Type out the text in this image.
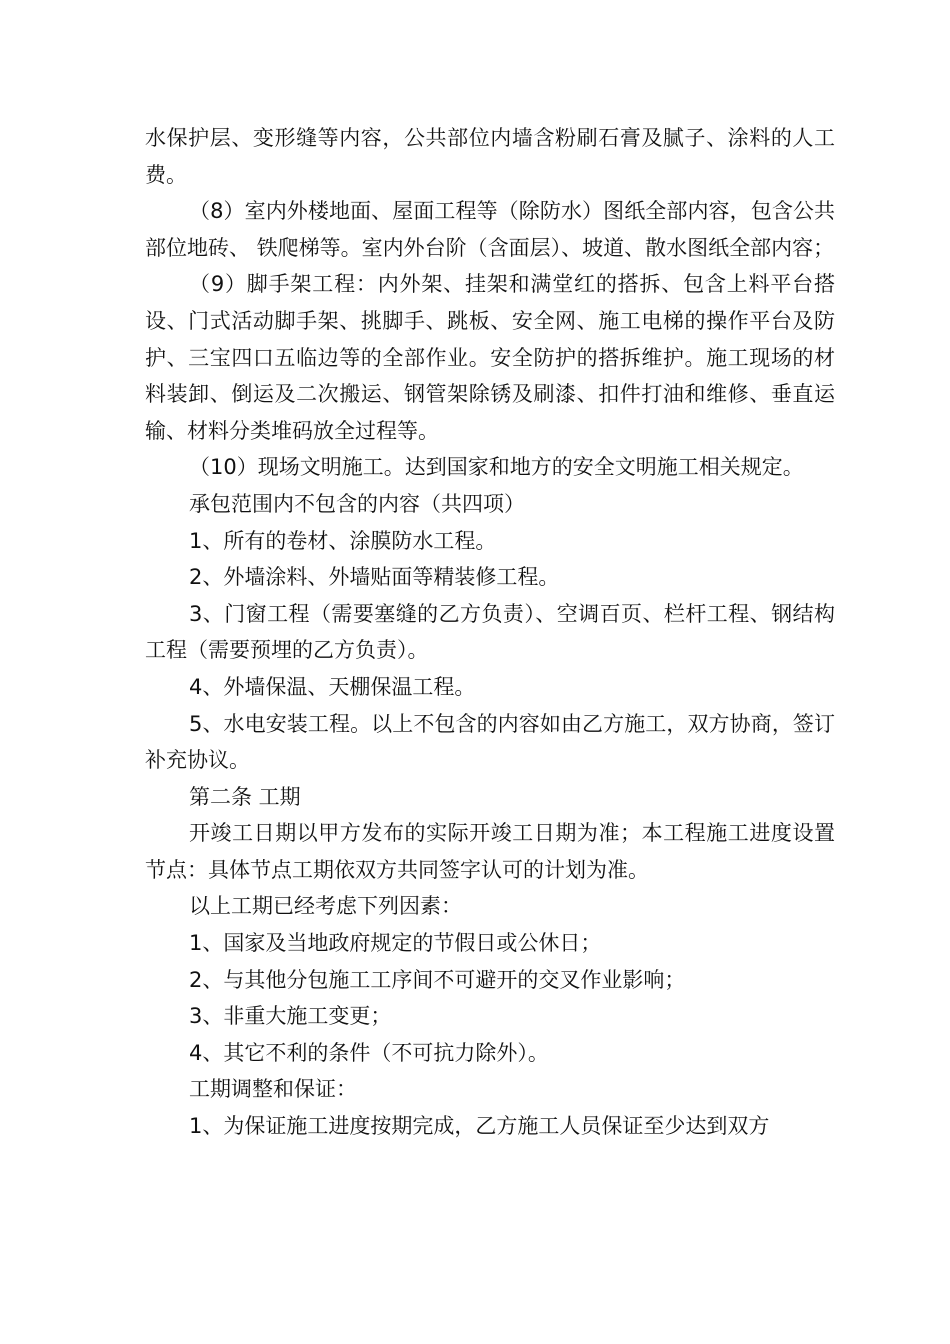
水保护层、变形缝等内容，公共部位内墙含粉刷石膏及腻子、涂料的人工费。

（8）室内外楼地面、屋面工程等（除防水）图纸全部内容，包含公共部位地砖、 铁爬梯等。室内外台阶（含面层）、坡道、散水图纸全部内容；

（9）脚手架工程：内外架、挂架和满堂红的搭拆、包含上料平台搭设、门式活动脚手架、挑脚手、跳板、安全网、施工电梯的操作平台及防护、三宝四口五临边等的全部作业。安全防护的搭拆维护。施工现场的材料装卸、倒运及二次搬运、钢管架除锈及刷漆、扣件打油和维修、垂直运输、材料分类堆码放全过程等。

（10）现场文明施工。达到国家和地方的安全文明施工相关规定。

承包范围内不包含的内容（共四项）

1、所有的卷材、涂膜防水工程。

2、外墙涂料、外墙贴面等精装修工程。

3、门窗工程（需要塞缝的乙方负责）、空调百页、栏杆工程、钢结构工程（需要预埋的乙方负责）。

4、外墙保温、天棚保温工程。

5、水电安装工程。以上不包含的内容如由乙方施工，双方协商，签订补充协议。

第二条 工期

开竣工日期以甲方发布的实际开竣工日期为准；本工程施工进度设置节点：具体节点工期依双方共同签字认可的计划为准。

以上工期已经考虑下列因素：

1、国家及当地政府规定的节假日或公休日；

2、与其他分包施工工序间不可避开的交叉作业影响；

3、非重大施工变更；

4、其它不利的条件（不可抗力除外）。

工期调整和保证：

1、为保证施工进度按期完成，乙方施工人员保证至少达到双方
